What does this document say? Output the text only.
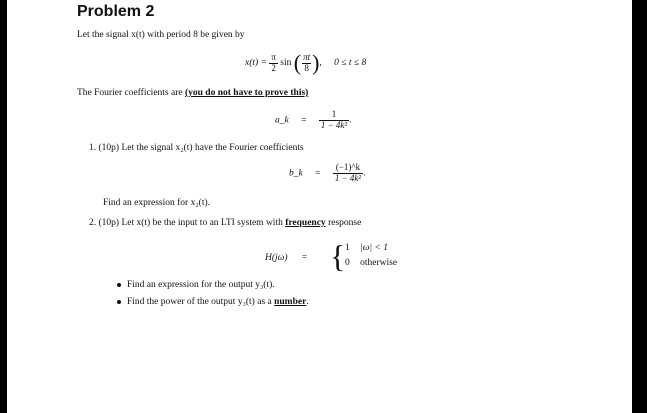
Problem 2
Let the signal x(t) with period 8 be given by
$x(t) = \frac{\pi}{2}$ sin ( $\frac{\pi t}{8}$ ), 0 ≤ t ≤ 8
The Fourier coefficients are (you do not have to prove this)
a_k = $\frac{1}{\text{1 − 4k²}}$ .
1. (10p) Let the signal x₂(t) have the Fourier coefficients
b_k = $\frac{(-1)\^{}k}{\text{1 − 4k²}}$ .
Find an expression for x₂(t).
2. (10p) Let x(t) be the input to an LTI system with frequency response
H(jω) = { 1 |ω| < 1
0 otherwise
Find an expression for the output y₃(t).
Find the power of the output y₃(t) as a number.
